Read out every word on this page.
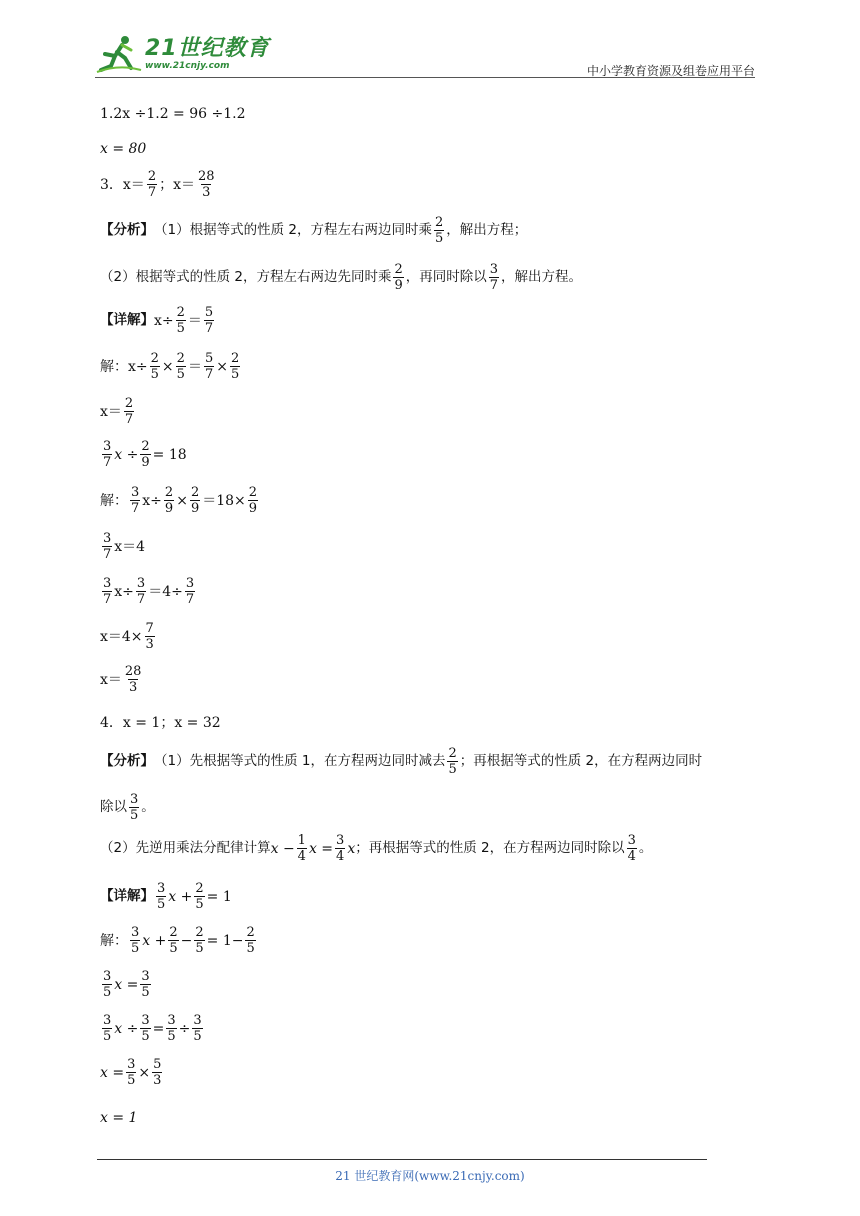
21世纪教育
www.21cnjy.com	中小学教育资源及组卷应用平台
1.2x ÷1.2 = 96 ÷1.2
x = 80
3．$x= \frac{2}{7}$ ；$x= \frac{28}{3}$
【分析】 （1）根据等式的性质 2，方程左右两边同时乘 $\frac{2}{5}$ ，解出方程；
（2）根据等式的性质 2，方程左右两边先同时乘 $\frac{2}{9}$ ，再同时除以 $\frac{3}{7}$ ，解出方程。
【详解】 $x\div \frac{2}{5} = \frac{5}{7}$
解：$x\div \frac{2}{5} \times \frac{2}{5} = \frac{5}{7} \times \frac{2}{5}$
$x= \frac{2}{7}$
$\frac{3}{7}$ $x \div \frac{2}{9} = 18$
解： $\frac{3}{7} x\div \frac{2}{9} \times \frac{2}{9} =18\times \frac{2}{9}$
$\frac{3}{7} x=4$
$\frac{3}{7} x\div \frac{3}{7} =4\div \frac{3}{7}$
$x=4\times \frac{7}{3}$
$x= \frac{28}{3}$
4．x = 1；x = 32
【分析】 （1）先根据等式的性质 1，在方程两边同时减去 $\frac{2}{5}$ ；再根据等式的性质 2，在方程两边同时
除以 $\frac{3}{5}$ 。
（2）先逆用乘法分配律计算 $x - \frac{1}{4}$ $x = \frac{3}{4}$ x ；再根据等式的性质 2，在方程两边同时除以 $\frac{3}{4}$ 。
【详解】 $\frac{3}{5}$ $x + \frac{2}{5} = 1$
解： $\frac{3}{5}$ $x + \frac{2}{5} - \frac{2}{5} = 1- \frac{2}{5}$
$\frac{3}{5}$ $x = \frac{3}{5}$
$\frac{3}{5}$ $x \div \frac{3}{5} = \frac{3}{5} \div \frac{3}{5}$
$x = \frac{3}{5} \times \frac{5}{3}$
x = 1
21 世纪教育网(www.21cnjy.com)
